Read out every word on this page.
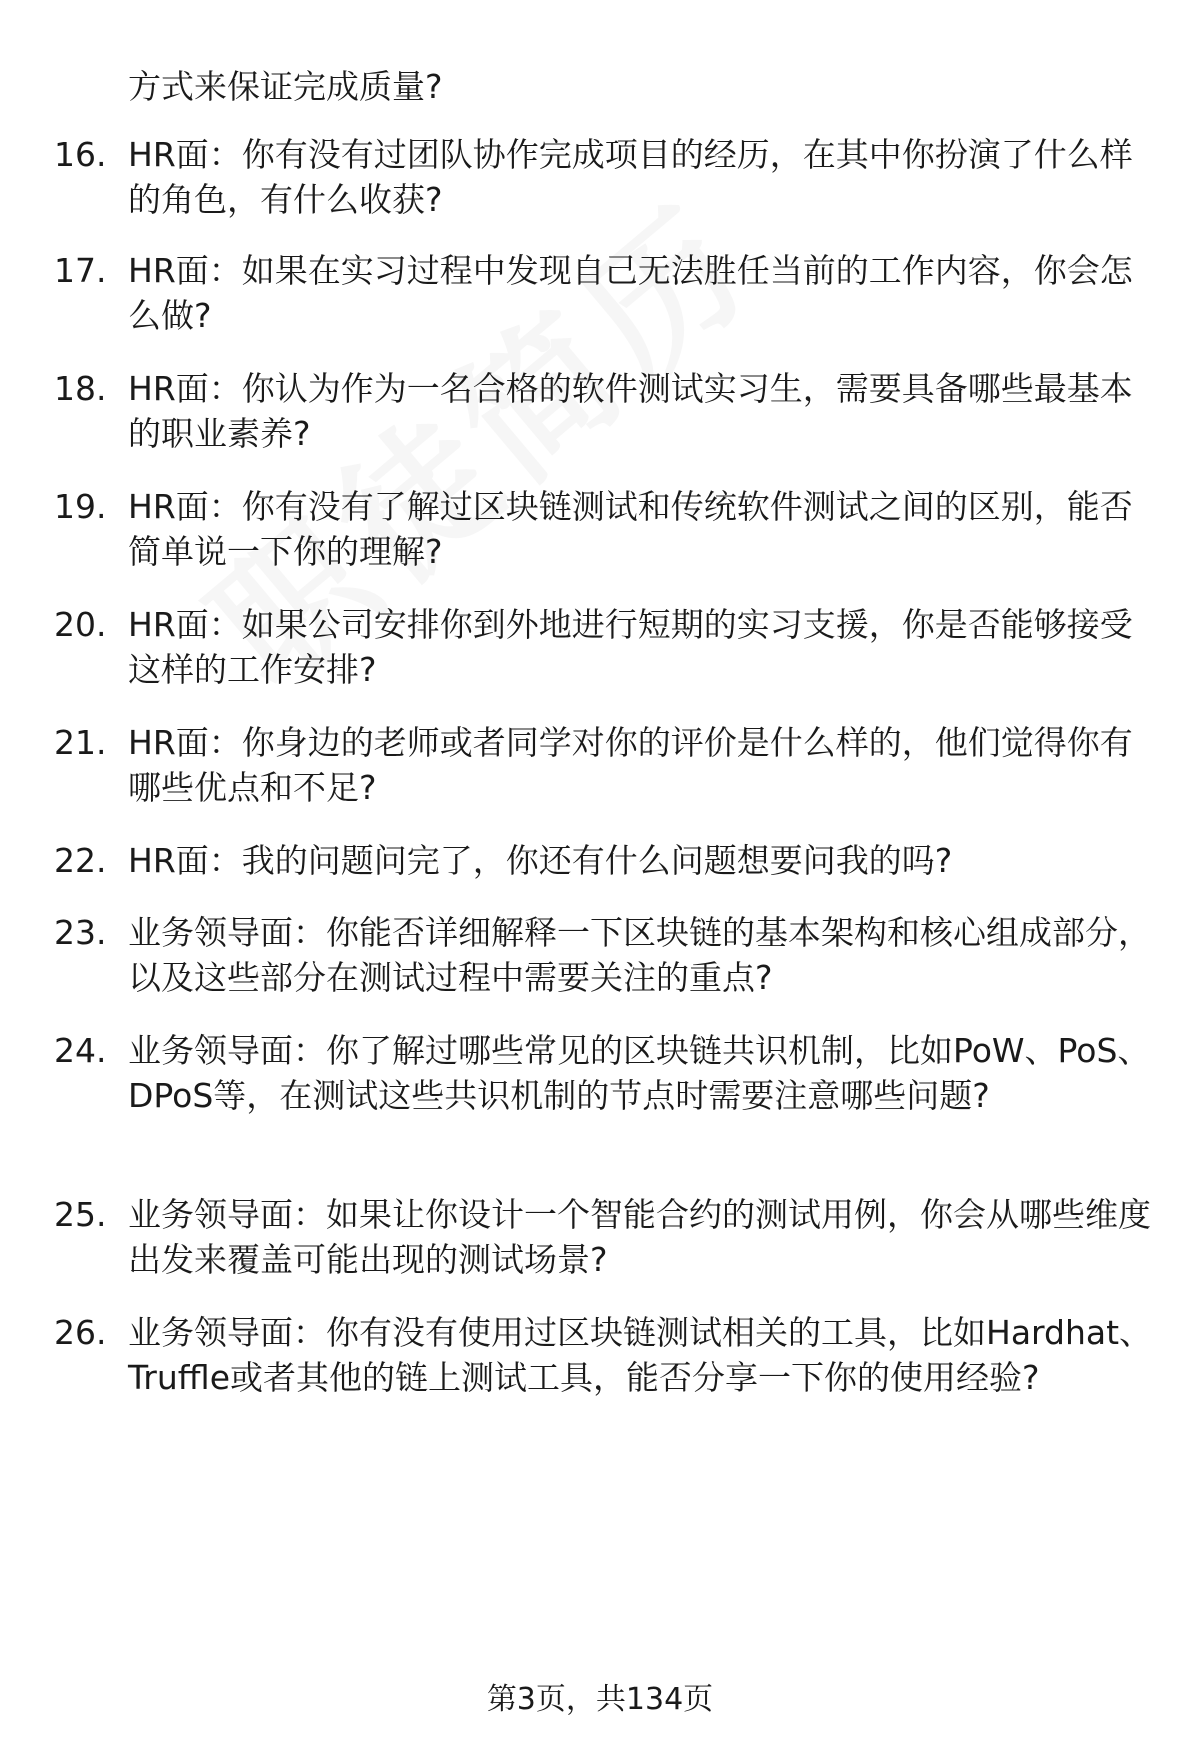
方式来保证完成质量?
16. HR面：你有没有过团队协作完成项目的经历，在其中你扮演了什么样的角色，有什么收获?
17. HR面：如果在实习过程中发现自己无法胜任当前的工作内容，你会怎么做?
18. HR面：你认为作为一名合格的软件测试实习生，需要具备哪些最基本的职业素养?
19. HR面：你有没有了解过区块链测试和传统软件测试之间的区别，能否简单说一下你的理解?
20. HR面：如果公司安排你到外地进行短期的实习支援，你是否能够接受这样的工作安排?
21. HR面：你身边的老师或者同学对你的评价是什么样的，他们觉得你有哪些优点和不足?
22. HR面：我的问题问完了，你还有什么问题想要问我的吗?
23. 业务领导面：你能否详细解释一下区块链的基本架构和核心组成部分，以及这些部分在测试过程中需要关注的重点?
24. 业务领导面：你了解过哪些常见的区块链共识机制，比如PoW、PoS、DPoS等，在测试这些共识机制的节点时需要注意哪些问题?
25. 业务领导面：如果让你设计一个智能合约的测试用例，你会从哪些维度出发来覆盖可能出现的测试场景?
26. 业务领导面：你有没有使用过区块链测试相关的工具，比如Hardhat、Truffle或者其他的链上测试工具，能否分享一下你的使用经验?
第3页，共134页
